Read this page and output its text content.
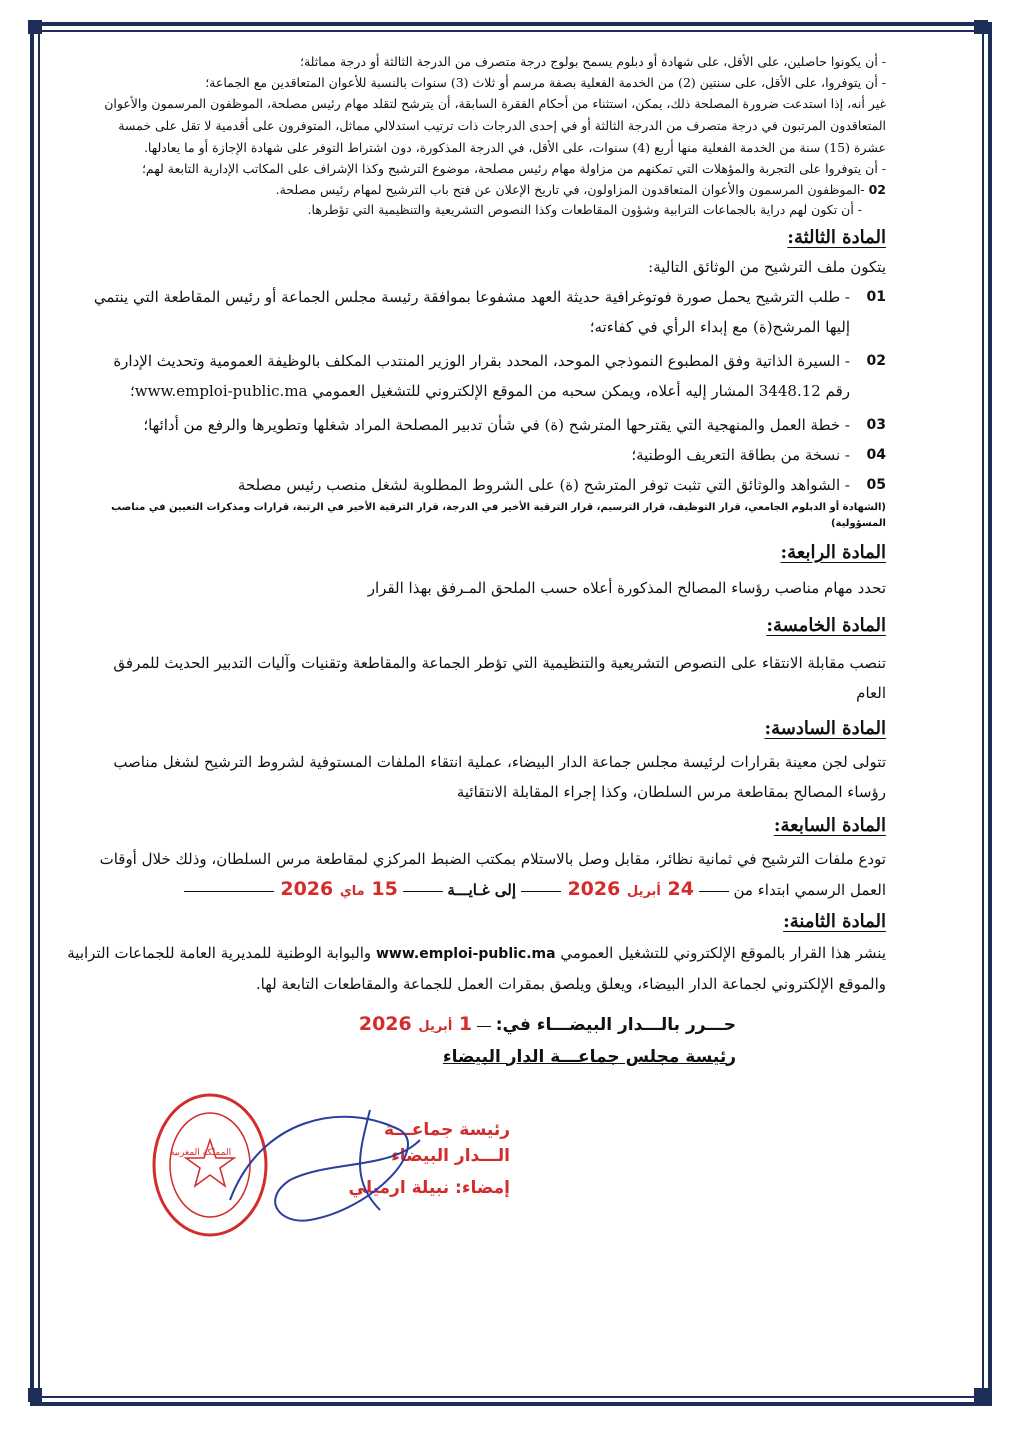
- أن يكونوا حاصلين، على الأقل، على شهادة أو دبلوم يسمح بولوج درجة متصرف من الدرجة الثالثة أو درجة مماثلة؛

- أن يتوفروا، على الأقل، على سنتين (2) من الخدمة الفعلية بصفة مرسم أو ثلاث (3) سنوات بالنسبة للأعوان المتعاقدين مع الجماعة؛

غير أنه، إذا استدعت ضرورة المصلحة ذلك، يمكن، استثناء من أحكام الفقرة السابقة، أن يترشح لتقلد مهام رئيس مصلحة، الموظفون المرسمون والأعوان المتعاقدون المرتبون في درجة متصرف من الدرجة الثالثة أو في إحدى الدرجات ذات ترتيب استدلالي مماثل، المتوفرون على أقدمية لا تقل على خمسة عشرة (15) سنة من الخدمة الفعلية منها أربع (4) سنوات، على الأقل، في الدرجة المذكورة، دون اشتراط التوفر على شهادة الإجازة أو ما يعادلها.

- أن يتوفروا على التجربة والمؤهلات التي تمكنهم من مزاولة مهام رئيس مصلحة، موضوع الترشيح وكذا الإشراف على المكاتب الإدارية التابعة لهم؛

02 -الموظفون المرسمون والأعوان المتعاقدون المزاولون، في تاريخ الإعلان عن فتح باب الترشيح لمهام رئيس مصلحة.

- أن تكون لهم دراية بالجماعات الترابية وشؤون المقاطعات وكذا النصوص التشريعية والتنظيمية التي تؤطرها.

المادة الثالثة:
يتكون ملف الترشيح من الوثائق التالية:
01
- طلب الترشيح يحمل صورة فوتوغرافية حديثة العهد مشفوعا بموافقة رئيسة مجلس الجماعة أو رئيس المقاطعة التي ينتمي إليها المرشح(ة) مع إبداء الرأي في كفاءته؛
02
- السيرة الذاتية وفق المطبوع النموذجي الموحد، المحدد بقرار الوزير المنتدب المكلف بالوظيفة العمومية وتحديث الإدارة رقم 3448.12 المشار إليه أعلاه، ويمكن سحبه من الموقع الإلكتروني للتشغيل العمومي www.emploi-public.ma؛
03
- خطة العمل والمنهجية التي يقترحها المترشح (ة) في شأن تدبير المصلحة المراد شغلها وتطويرها والرفع من أدائها؛
04
- نسخة من بطاقة التعريف الوطنية؛
05
- الشواهد والوثائق التي تثبت توفر المترشح (ة) على الشروط المطلوبة لشغل منصب رئيس مصلحة

(الشهادة أو الدبلوم الجامعي، قرار التوظيف، قرار الترسيم، قرار الترقية الأخير في الدرجة، قرار الترقية الأخير في الرتبة، قرارات ومذكرات التعيين في مناصب المسؤولية)

المادة الرابعة:

تحدد مهام مناصب رؤساء المصالح المذكورة أعلاه حسب الملحق المـرفق بهذا القرار

المادة الخامسة:

تنصب مقابلة الانتقاء على النصوص التشريعية والتنظيمية التي تؤطر الجماعة والمقاطعة وتقنيات وآليات التدبير الحديث للمرفق العام

المادة السادسة:

تتولى لجن معينة بقرارات لرئيسة مجلس جماعة الدار البيضاء، عملية انتقاء الملفات المستوفية لشروط الترشيح لشغل مناصب رؤساء المصالح بمقاطعة مرس السلطان، وكذا إجراء المقابلة الانتقائية

المادة السابعة:

تودع ملفات الترشيح في ثمانية نظائر، مقابل وصل بالاستلام بمكتب الضبط المركزي لمقاطعة مرس السلطان، وذلك خلال أوقات

العمل الرسمي ابتداء من  24 أبريل 2026  إلى غـايـــة  15 ماي 2026

المادة الثامنة:

ينشر هذا القرار بالموقع الإلكتروني للتشغيل العمومي www.emploi-public.ma والبوابة الوطنية للمديرية العامة للجماعات الترابية والموقع الإلكتروني لجماعة الدار البيضاء، ويعلق ويلصق بمقرات العمل للجماعة والمقاطعات التابعة لها.

حـــرر بالـــدار البيضـــاء في:  1 أبريل 2026

رئيسة مجلس جماعـــة الدار البيضاء

المملكة المغربية
رئيسة جماعـــة
الـــدار البيضاء
إمضاء: نبيلة ارميلي
